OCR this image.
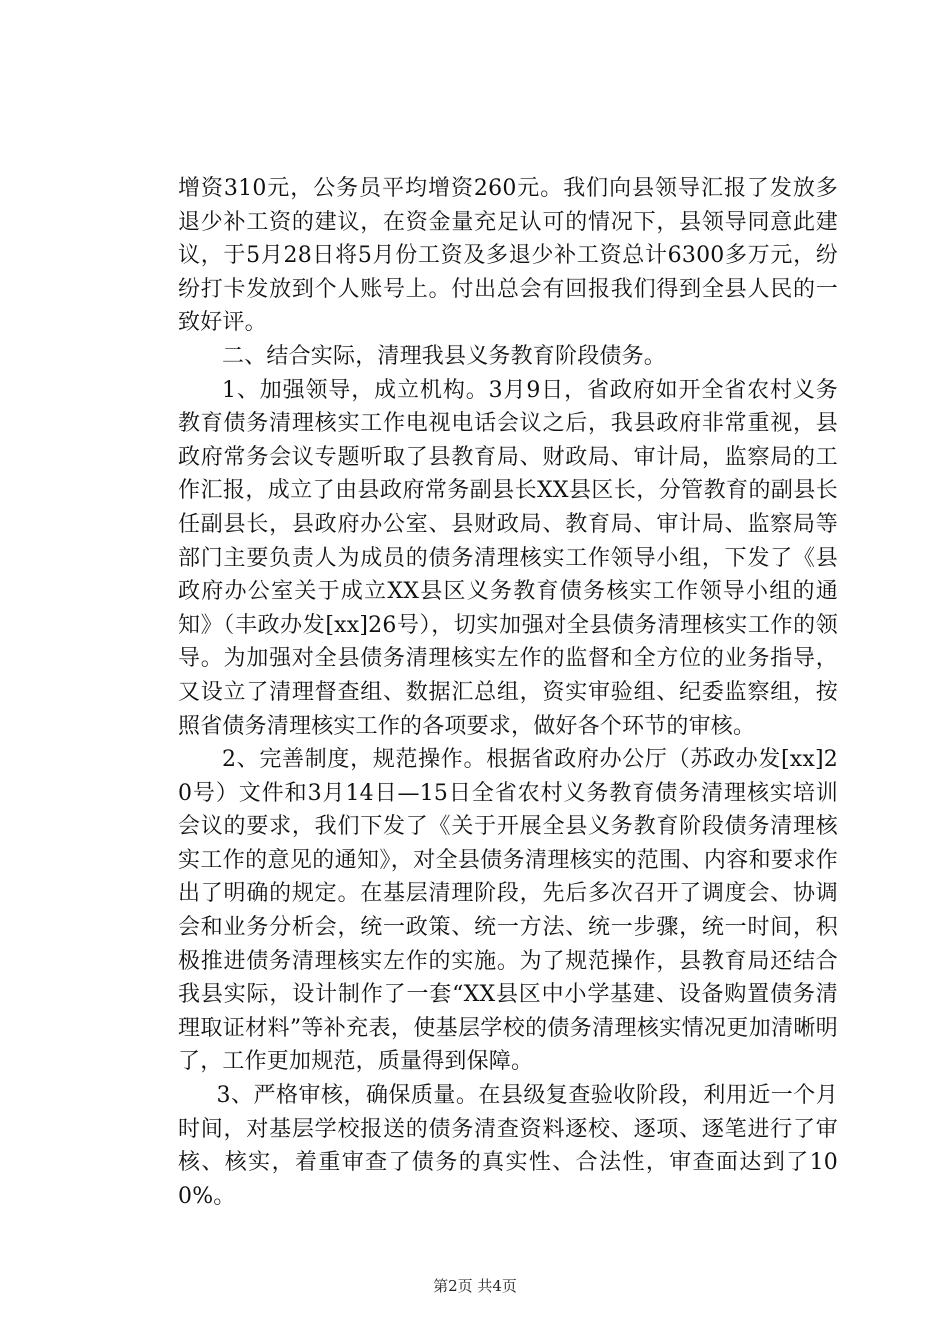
增资310元，公务员平均增资260元。我们向县领导汇报了发放多退少补工资的建议，在资金量充足认可的情况下，县领导同意此建议，于5月28日将5月份工资及多退少补工资总计6300多万元，纷纷打卡发放到个人账号上。付出总会有回报我们得到全县人民的一致好评。

二、结合实际，清理我县义务教育阶段债务。

1、加强领导，成立机构。3月9日，省政府如开全省农村义务教育债务清理核实工作电视电话会议之后，我县政府非常重视，县政府常务会议专题听取了县教育局、财政局、审计局，监察局的工作汇报，成立了由县政府常务副县长XX县区长，分管教育的副县长任副县长，县政府办公室、县财政局、教育局、审计局、监察局等部门主要负责人为成员的债务清理核实工作领导小组，下发了《县政府办公室关于成立XX县区义务教育债务核实工作领导小组的通知》（丰政办发[xx]26号），切实加强对全县债务清理核实工作的领导。为加强对全县债务清理核实左作的监督和全方位的业务指导，又设立了清理督查组、数据汇总组，资实审验组、纪委监察组，按照省债务清理核实工作的各项要求，做好各个环节的审核。

2、完善制度，规范操作。根据省政府办公厅（苏政办发[xx]20号）文件和3月14日—15日全省农村义务教育债务清理核实培训会议的要求，我们下发了《关于开展全县义务教育阶段债务清理核实工作的意见的通知》，对全县债务清理核实的范围、内容和要求作出了明确的规定。在基层清理阶段，先后多次召开了调度会、协调会和业务分析会，统一政策、统一方法、统一步骤，统一时间，积极推进债务清理核实左作的实施。为了规范操作，县教育局还结合我县实际，设计制作了一套“XX县区中小学基建、设备购置债务清理取证材料”等补充表，使基层学校的债务清理核实情况更加清晰明了，工作更加规范，质量得到保障。

3、严格审核，确保质量。在县级复查验收阶段，利用近一个月时间，对基层学校报送的债务清查资料逐校、逐项、逐笔进行了审核、核实，着重审查了债务的真实性、合法性，审查面达到了100%。

第2页 共4页
